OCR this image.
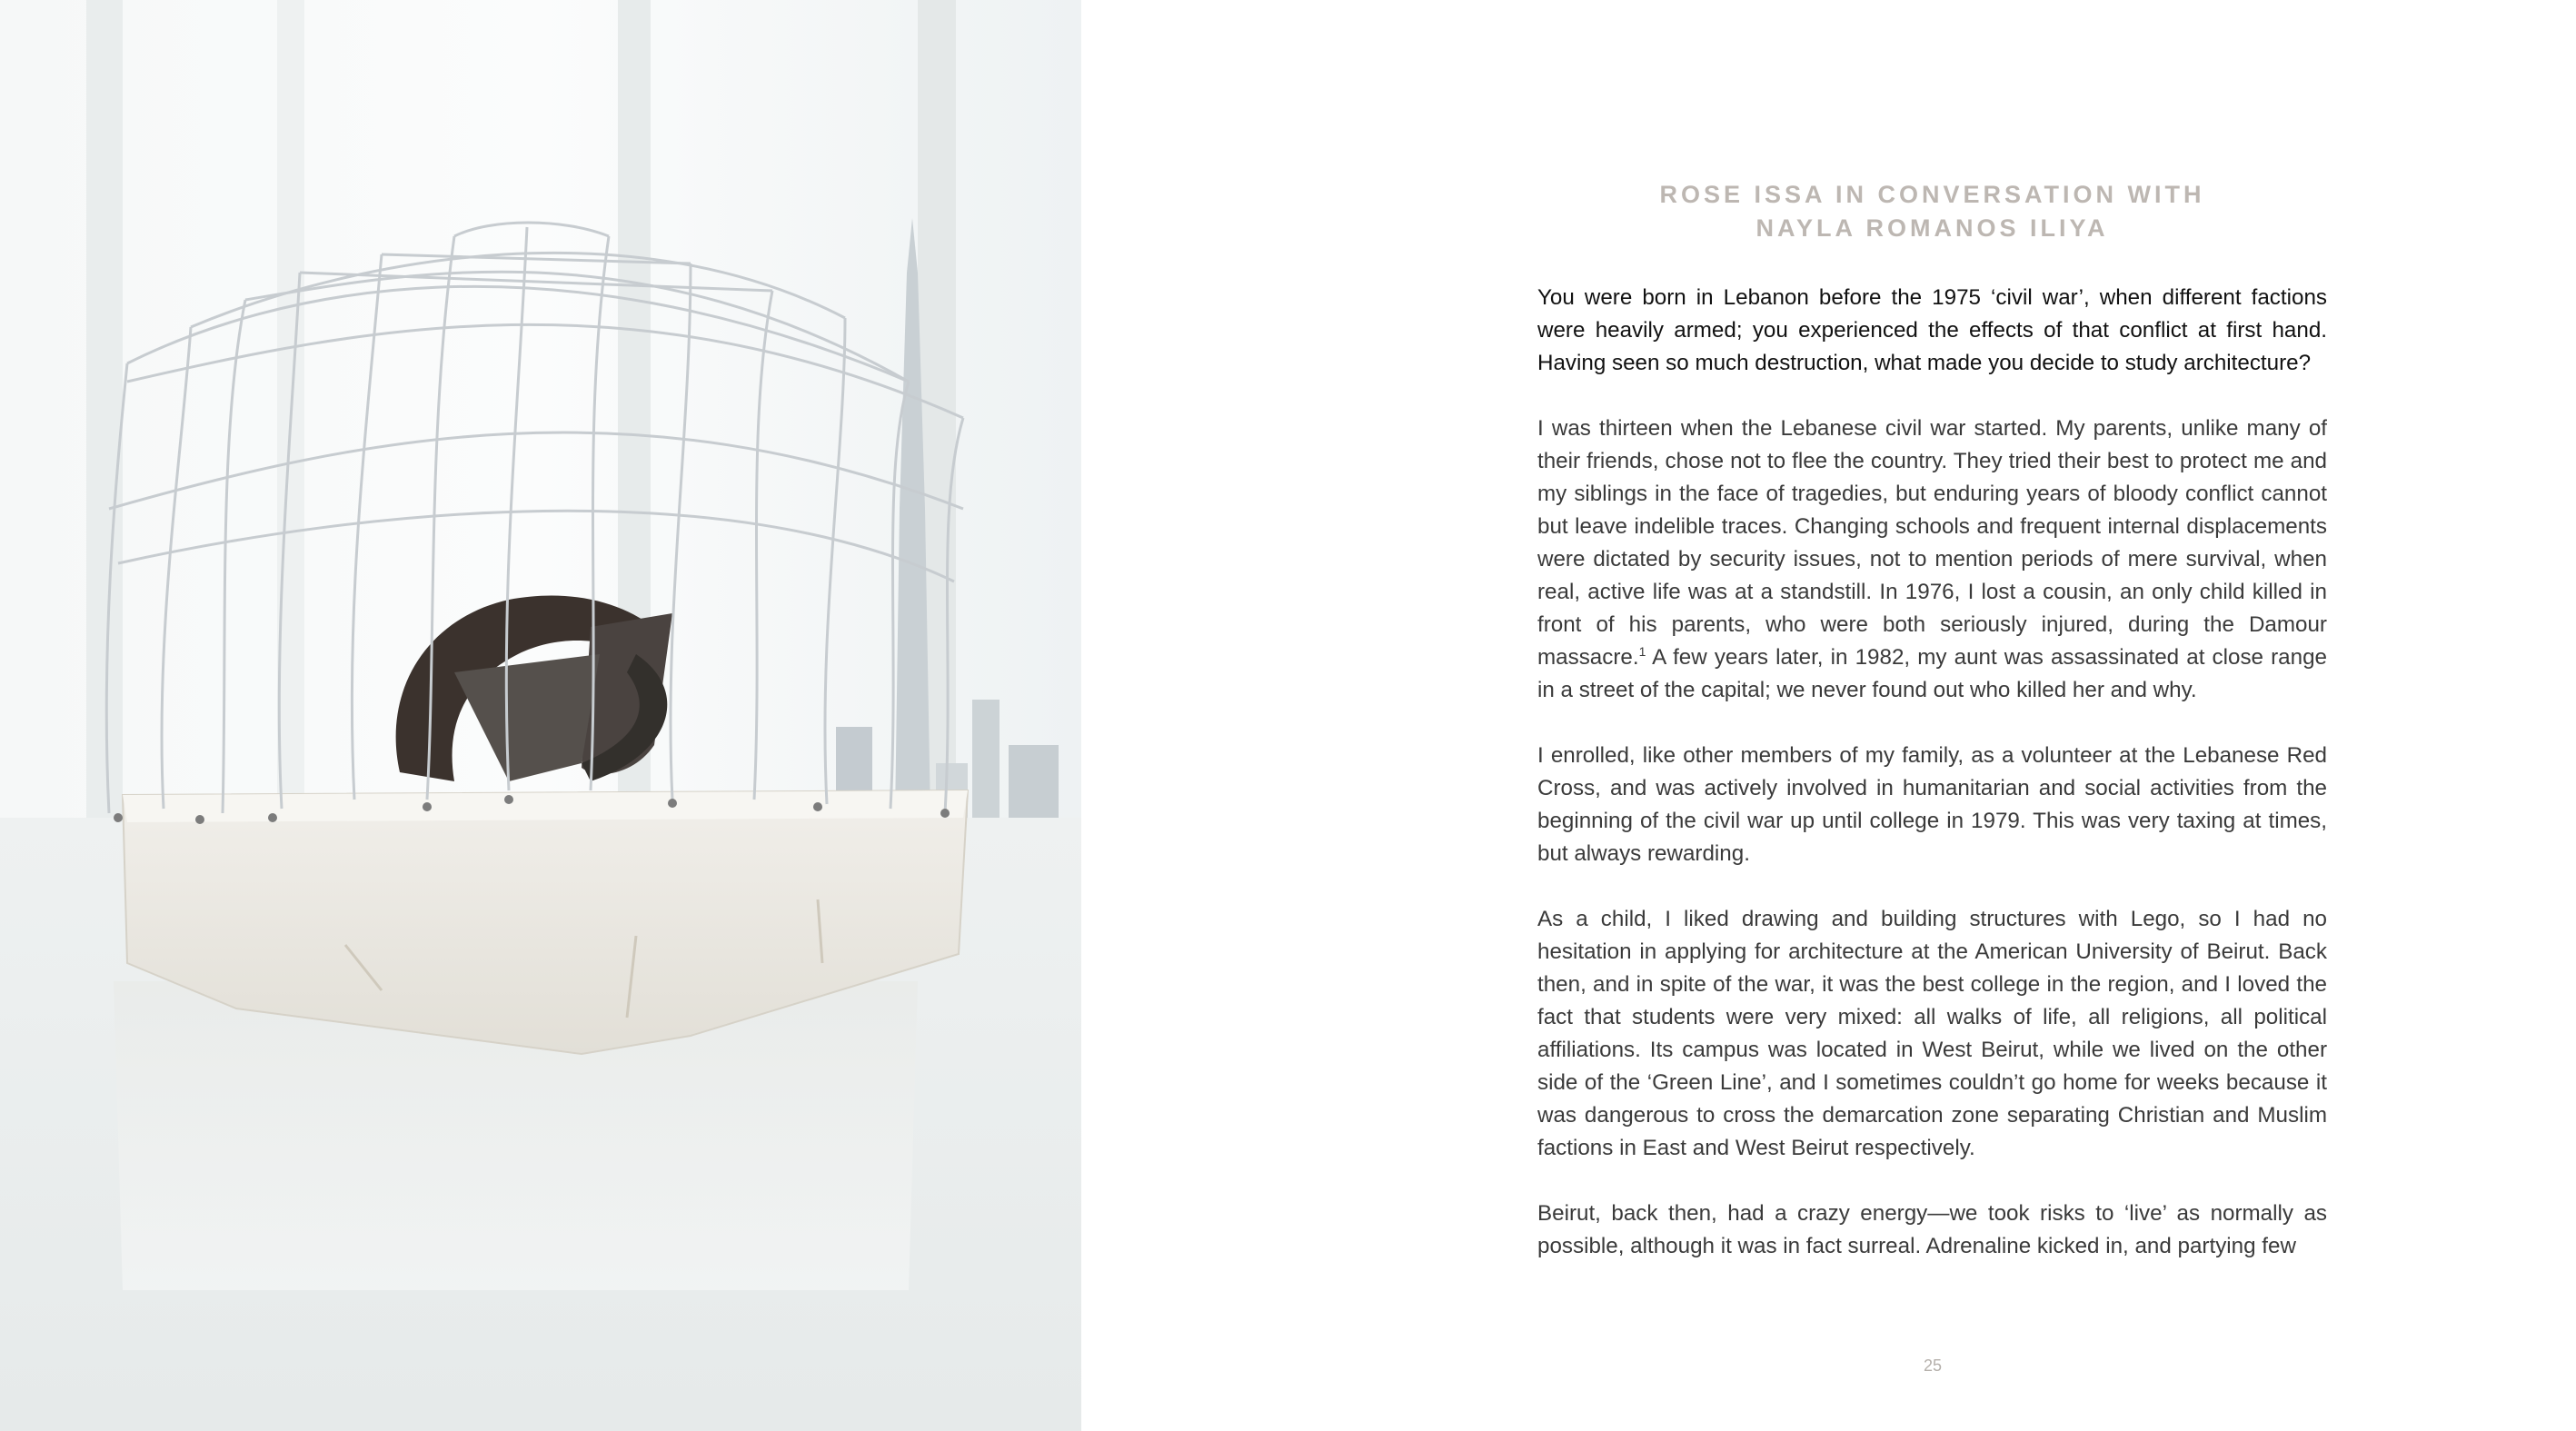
ROSE ISSA IN CONVERSATION WITH
NAYLA ROMANOS ILIYA

You were born in Lebanon before the 1975 ‘civil war’, when different factions were heavily armed; you experienced the effects of that conflict at first hand. Having seen so much destruction, what made you decide to study architecture?

I was thirteen when the Lebanese civil war started. My parents, unlike many of their friends, chose not to flee the country. They tried their best to protect me and my siblings in the face of tragedies, but enduring years of bloody conflict cannot but leave indelible traces. Changing schools and frequent internal displacements were dictated by security issues, not to mention periods of mere survival, when real, active life was at a standstill. In 1976, I lost a cousin, an only child killed in front of his parents, who were both seriously injured, during the Damour massacre.$^1$ A few years later, in 1982, my aunt was assassinated at close range in a street of the capital; we never found out who killed her and why.

I enrolled, like other members of my family, as a volunteer at the Lebanese Red Cross, and was actively involved in humanitarian and social activities from the beginning of the civil war up until college in 1979. This was very taxing at times, but always rewarding.

As a child, I liked drawing and building structures with Lego, so I had no hesitation in applying for architecture at the American University of Beirut. Back then, and in spite of the war, it was the best college in the region, and I loved the fact that students were very mixed: all walks of life, all religions, all political affiliations. Its campus was located in West Beirut, while we lived on the other side of the ‘Green Line’, and I sometimes couldn’t go home for weeks because it was dangerous to cross the demarcation zone separating Christian and Muslim factions in East and West Beirut respectively.

Beirut, back then, had a crazy energy—we took risks to ‘live’ as normally as possible, although it was in fact surreal. Adrenaline kicked in, and partying few

25
